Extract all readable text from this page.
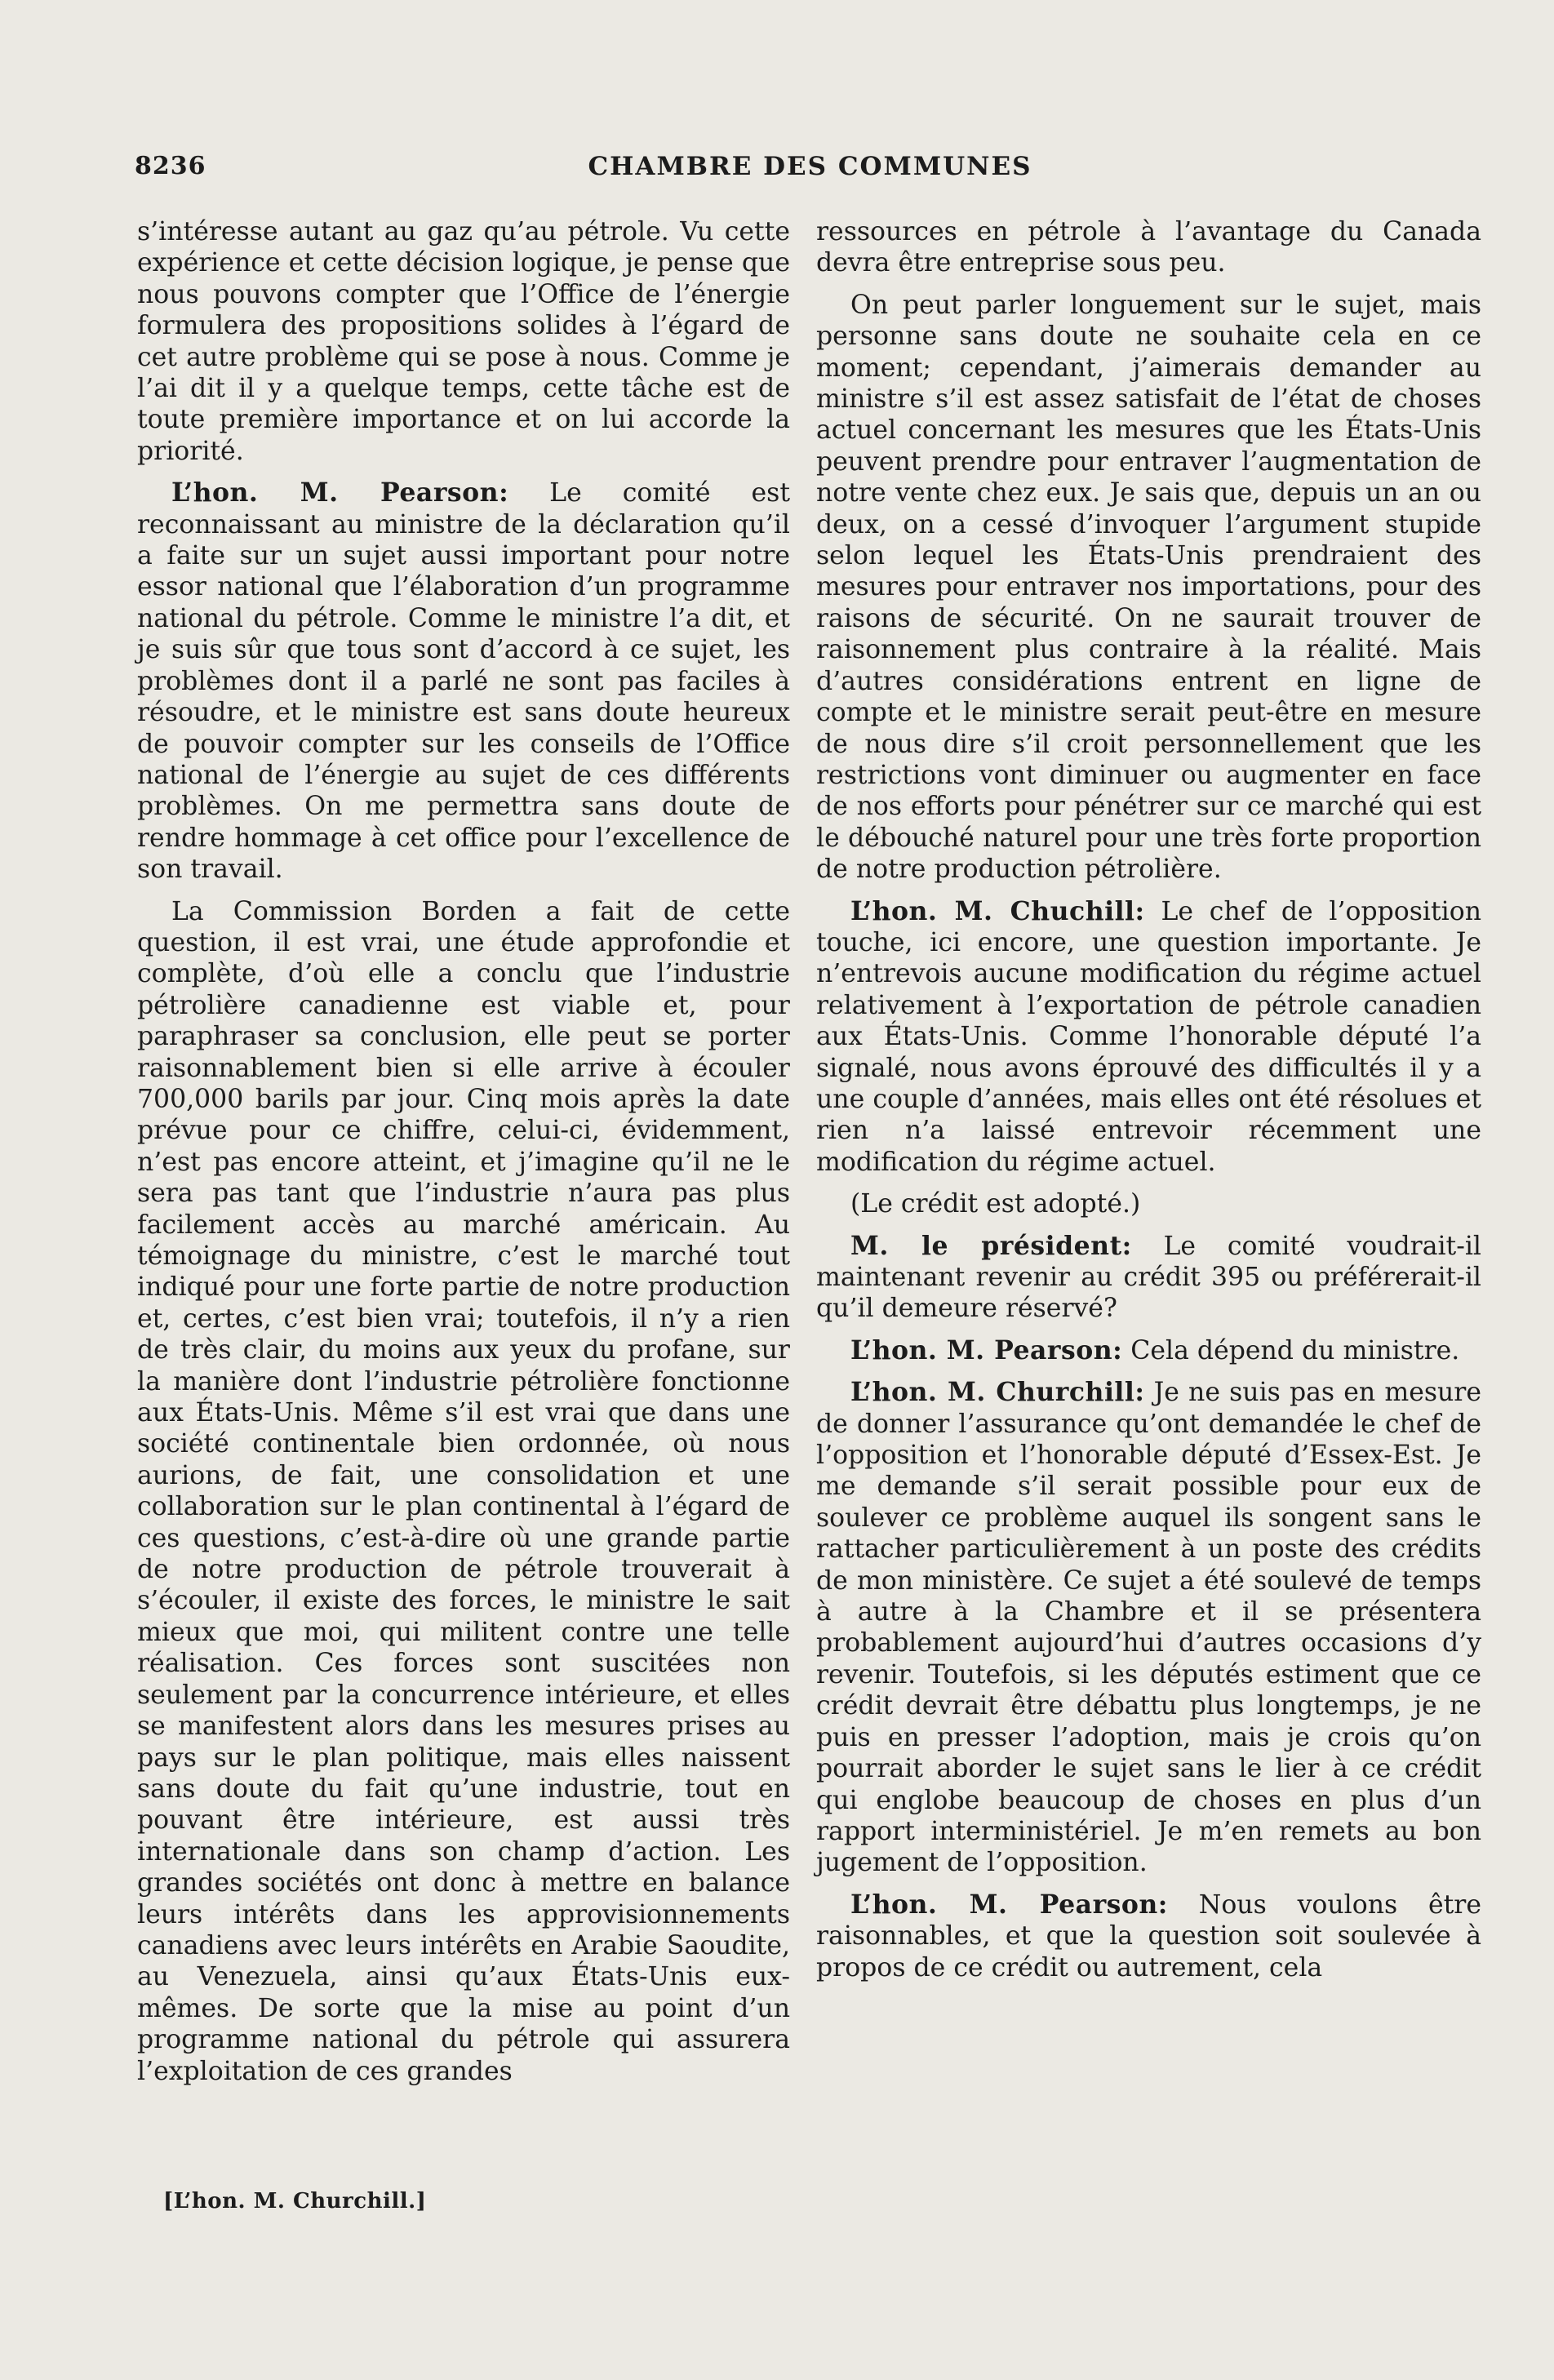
8236	CHAMBRE DES COMMUNES

s’intéresse autant au gaz qu’au pétrole. Vu cette expérience et cette décision logique, je pense que nous pouvons compter que l’Office de l’énergie formulera des propositions solides à l’égard de cet autre problème qui se pose à nous. Comme je l’ai dit il y a quelque temps, cette tâche est de toute première importance et on lui accorde la priorité.

L’hon. M. Pearson: Le comité est reconnaissant au ministre de la déclaration qu’il a faite sur un sujet aussi important pour notre essor national que l’élaboration d’un programme national du pétrole. Comme le ministre l’a dit, et je suis sûr que tous sont d’accord à ce sujet, les problèmes dont il a parlé ne sont pas faciles à résoudre, et le ministre est sans doute heureux de pouvoir compter sur les conseils de l’Office national de l’énergie au sujet de ces différents problèmes. On me permettra sans doute de rendre hommage à cet office pour l’excellence de son travail.

La Commission Borden a fait de cette question, il est vrai, une étude approfondie et complète, d’où elle a conclu que l’industrie pétrolière canadienne est viable et, pour paraphraser sa conclusion, elle peut se porter raisonnablement bien si elle arrive à écouler 700,000 barils par jour. Cinq mois après la date prévue pour ce chiffre, celui-ci, évidemment, n’est pas encore atteint, et j’imagine qu’il ne le sera pas tant que l’industrie n’aura pas plus facilement accès au marché américain. Au témoignage du ministre, c’est le marché tout indiqué pour une forte partie de notre production et, certes, c’est bien vrai; toutefois, il n’y a rien de très clair, du moins aux yeux du profane, sur la manière dont l’industrie pétrolière fonctionne aux États-Unis. Même s’il est vrai que dans une société continentale bien ordonnée, où nous aurions, de fait, une consolidation et une collaboration sur le plan continental à l’égard de ces questions, c’est-à-dire où une grande partie de notre production de pétrole trouverait à s’écouler, il existe des forces, le ministre le sait mieux que moi, qui militent contre une telle réalisation. Ces forces sont suscitées non seulement par la concurrence intérieure, et elles se manifestent alors dans les mesures prises au pays sur le plan politique, mais elles naissent sans doute du fait qu’une industrie, tout en pouvant être intérieure, est aussi très internationale dans son champ d’action. Les grandes sociétés ont donc à mettre en balance leurs intérêts dans les approvisionnements canadiens avec leurs intérêts en Arabie Saoudite, au Venezuela, ainsi qu’aux États-Unis eux-mêmes. De sorte que la mise au point d’un programme national du pétrole qui assurera l’exploitation de ces grandes

ressources en pétrole à l’avantage du Canada devra être entreprise sous peu.

On peut parler longuement sur le sujet, mais personne sans doute ne souhaite cela en ce moment; cependant, j’aimerais demander au ministre s’il est assez satisfait de l’état de choses actuel concernant les mesures que les États-Unis peuvent prendre pour entraver l’augmentation de notre vente chez eux. Je sais que, depuis un an ou deux, on a cessé d’invoquer l’argument stupide selon lequel les États-Unis prendraient des mesures pour entraver nos importations, pour des raisons de sécurité. On ne saurait trouver de raisonnement plus contraire à la réalité. Mais d’autres considérations entrent en ligne de compte et le ministre serait peut-être en mesure de nous dire s’il croit personnellement que les restrictions vont diminuer ou augmenter en face de nos efforts pour pénétrer sur ce marché qui est le débouché naturel pour une très forte proportion de notre production pétrolière.

L’hon. M. Chuchill: Le chef de l’opposition touche, ici encore, une question importante. Je n’entrevois aucune modification du régime actuel relativement à l’exportation de pétrole canadien aux États-Unis. Comme l’honorable député l’a signalé, nous avons éprouvé des difficultés il y a une couple d’années, mais elles ont été résolues et rien n’a laissé entrevoir récemment une modification du régime actuel.

(Le crédit est adopté.)

M. le président: Le comité voudrait-il maintenant revenir au crédit 395 ou préférerait-il qu’il demeure réservé?

L’hon. M. Pearson: Cela dépend du ministre.

L’hon. M. Churchill: Je ne suis pas en mesure de donner l’assurance qu’ont demandée le chef de l’opposition et l’honorable député d’Essex-Est. Je me demande s’il serait possible pour eux de soulever ce problème auquel ils songent sans le rattacher particulièrement à un poste des crédits de mon ministère. Ce sujet a été soulevé de temps à autre à la Chambre et il se présentera probablement aujourd’hui d’autres occasions d’y revenir. Toutefois, si les députés estiment que ce crédit devrait être débattu plus longtemps, je ne puis en presser l’adoption, mais je crois qu’on pourrait aborder le sujet sans le lier à ce crédit qui englobe beaucoup de choses en plus d’un rapport interministériel. Je m’en remets au bon jugement de l’opposition.

L’hon. M. Pearson: Nous voulons être raisonnables, et que la question soit soulevée à propos de ce crédit ou autrement, cela

[L’hon. M. Churchill.]
